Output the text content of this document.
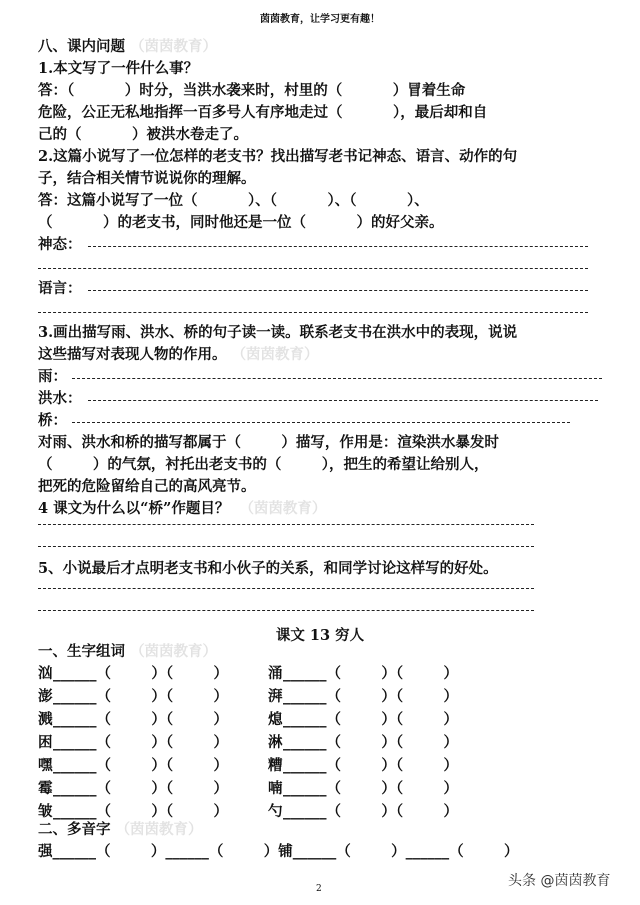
茵茵教育，让学习更有趣！
八、课内问题 （茵茵教育）
1.本文写了一件什么事？
答：（          ）时分，当洪水袭来时，村里的（          ）冒着生命
危险，公正无私地指挥一百多号人有序地走过（          ），最后却和自
己的（          ）被洪水卷走了。
2.这篇小说写了一位怎样的老支书？找出描写老书记神态、语言、动作的句
子，结合相关情节说说你的理解。
答：这篇小说写了一位（          ）、（          ）、（          ）、
（          ）的老支书，同时他还是一位（          ）的好父亲。
神态：
语言：
3.画出描写雨、洪水、桥的句子读一读。联系老支书在洪水中的表现，说说
这些描写对表现人物的作用。 （茵茵教育）
雨：
洪水：
桥：
对雨、洪水和桥的描写都属于（        ）描写，作用是：渲染洪水暴发时
（        ）的气氛，衬托出老支书的（        ），把生的希望让给别人，
把死的危险留给自己的高风亮节。
4 课文为什么以“桥”作题目？ （茵茵教育）
5、小说最后才点明老支书和小伙子的关系，和同学讨论这样写的好处。
课文 13 穷人
一、生字组词 （茵茵教育）
汹 ______（        ）（        ）	涌 ______（        ）（        ）
澎 ______（        ）（        ）	湃 ______（        ）（        ）
溅 ______（        ）（        ）	熄 ______（        ）（        ）
困 ______（        ）（        ）	淋 ______（        ）（        ）
嘿 ______（        ）（        ）	糟 ______（        ）（        ）
霉 ______（        ）（        ）	喃 ______（        ）（        ）
皱 ______（        ）（        ）	勺 ______（        ）（        ）
二、多音字 （茵茵教育）
强______（        ）______（        ）铺______（        ）______（        ）
2	头条 @茵茵教育
